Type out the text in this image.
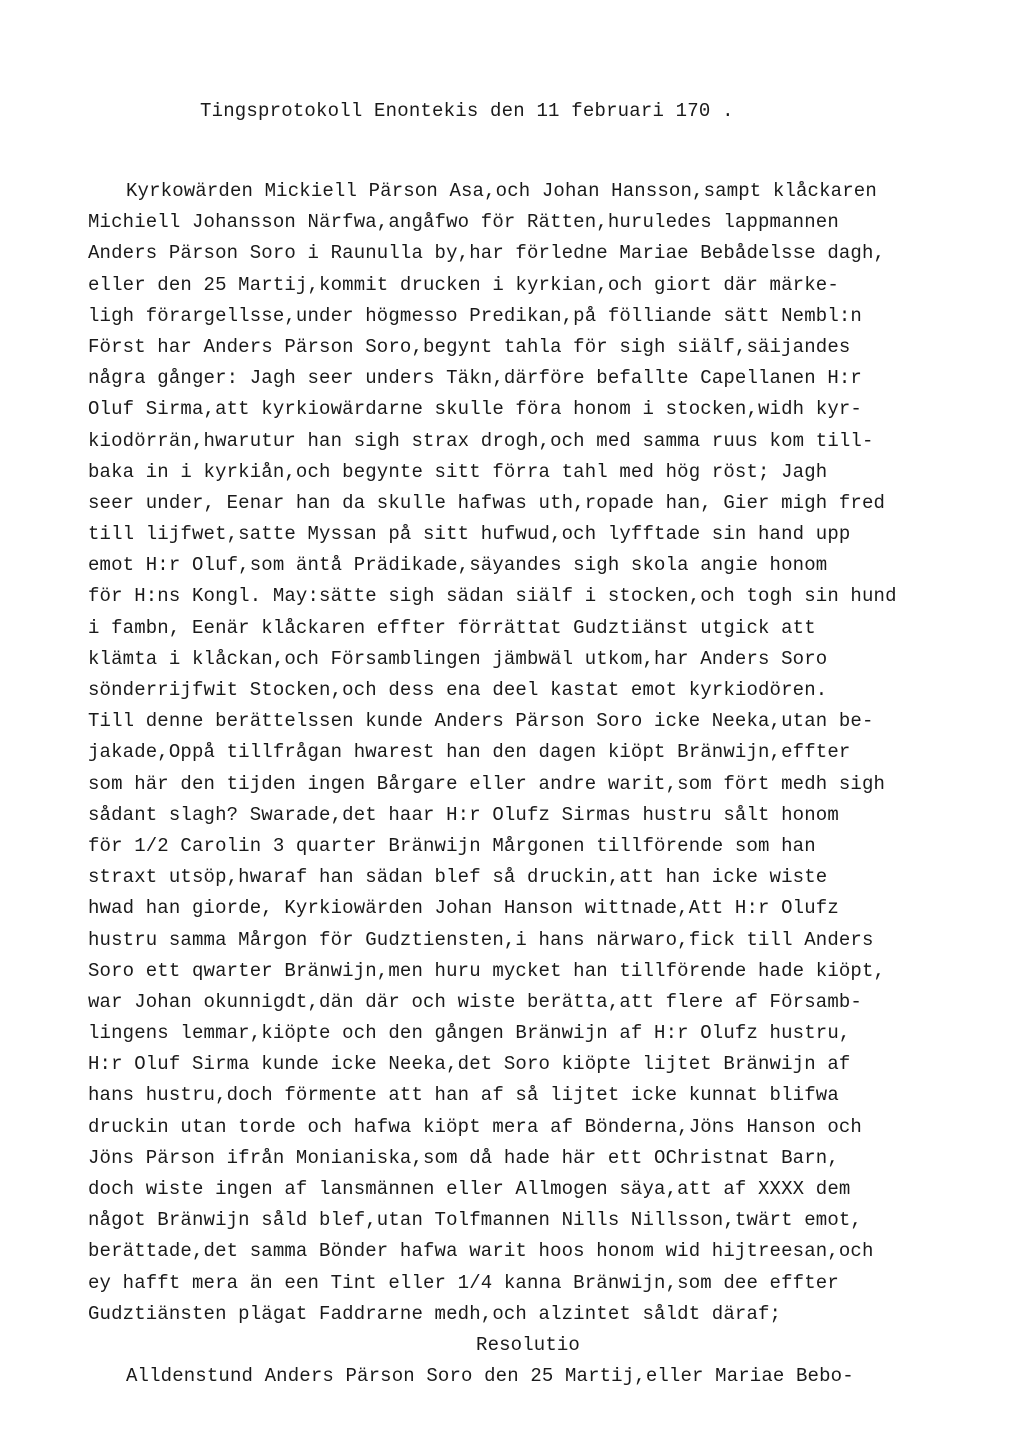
Tingsprotokoll Enontekis den 11 februari 170 .
Kyrkowärden Mickiell Pärson Asa,och Johan Hansson,sampt klåckaren
Michiell Johansson Närfwa,angåfwo för Rätten,huruledes lappmannen
Anders Pärson Soro i Raunulla by,har förledne Mariae Bebådelsse dagh,
eller den 25 Martij,kommit drucken i kyrkian,och giort där märke-
ligh förargellsse,under högmesso Predikan,på fölliande sätt Nembl:n
Först har Anders Pärson Soro,begynt tahla för sigh siälf,säijandes
några gånger: Jagh seer unders Täkn,därföre befallte Capellanen H:r
Oluf Sirma,att kyrkiowärdarne skulle föra honom i stocken,widh kyr-
kiodörrän,hwarutur han sigh strax drogh,och med samma ruus kom till-
baka in i kyrkiån,och begynte sitt förra tahl med hög röst; Jagh
seer under, Eenar han da skulle hafwas uth,ropade han, Gier migh fred
till lijfwet,satte Myssan på sitt hufwud,och lyfftade sin hand upp
emot H:r Oluf,som äntå Prädikade,säyandes sigh skola angie honom
för H:ns Kongl. May:sätte sigh sädan siälf i stocken,och togh sin hund
i fambn, Eenär klåckaren effter förrättat Gudztiänst utgick att
klämta i klåckan,och Församblingen jämbwäl utkom,har Anders Soro
sönderrijfwit Stocken,och dess ena deel kastat emot kyrkiodören.
Till denne berättelssen kunde Anders Pärson Soro icke Neeka,utan be-
jakade,Oppå tillfrågan hwarest han den dagen kiöpt Bränwijn,effter
som här den tijden ingen Bårgare eller andre warit,som fört medh sigh
sådant slagh? Swarade,det haar H:r Olufz Sirmas hustru sålt honom
för 1/2 Carolin 3 quarter Bränwijn Mårgonen tillförende som han
straxt utsöp,hwaraf han sädan blef så druckin,att han icke wiste
hwad han giorde, Kyrkiowärden Johan Hanson wittnade,Att H:r Olufz
hustru samma Mårgon för Gudztiensten,i hans närwaro,fick till Anders
Soro ett qwarter Bränwijn,men huru mycket han tillförende hade kiöpt,
war Johan okunnigdt,dän där och wiste berätta,att flere af Församb-
lingens lemmar,kiöpte och den gången Bränwijn af H:r Olufz hustru,
H:r Oluf Sirma kunde icke Neeka,det Soro kiöpte lijtet Bränwijn af
hans hustru,doch förmente att han af så lijtet icke kunnat blifwa
druckin utan torde och hafwa kiöpt mera af Bönderna,Jöns Hanson och
Jöns Pärson ifrån Monianiska,som då hade här ett OChristnat Barn,
doch wiste ingen af lansmännen eller Allmogen säya,att af XXXX dem
något Bränwijn såld blef,utan Tolfmannen Nills Nillsson,twärt emot,
berättade,det samma Bönder hafwa warit hoos honom wid hijtreesan,och
ey hafft mera än een Tint eller 1/4 kanna Bränwijn,som dee effter
Gudztiänsten plägat Faddrarne medh,och alzintet såldt däraf;
Resolutio
Alldenstund Anders Pärson Soro den 25 Martij,eller Mariae Bebo-
